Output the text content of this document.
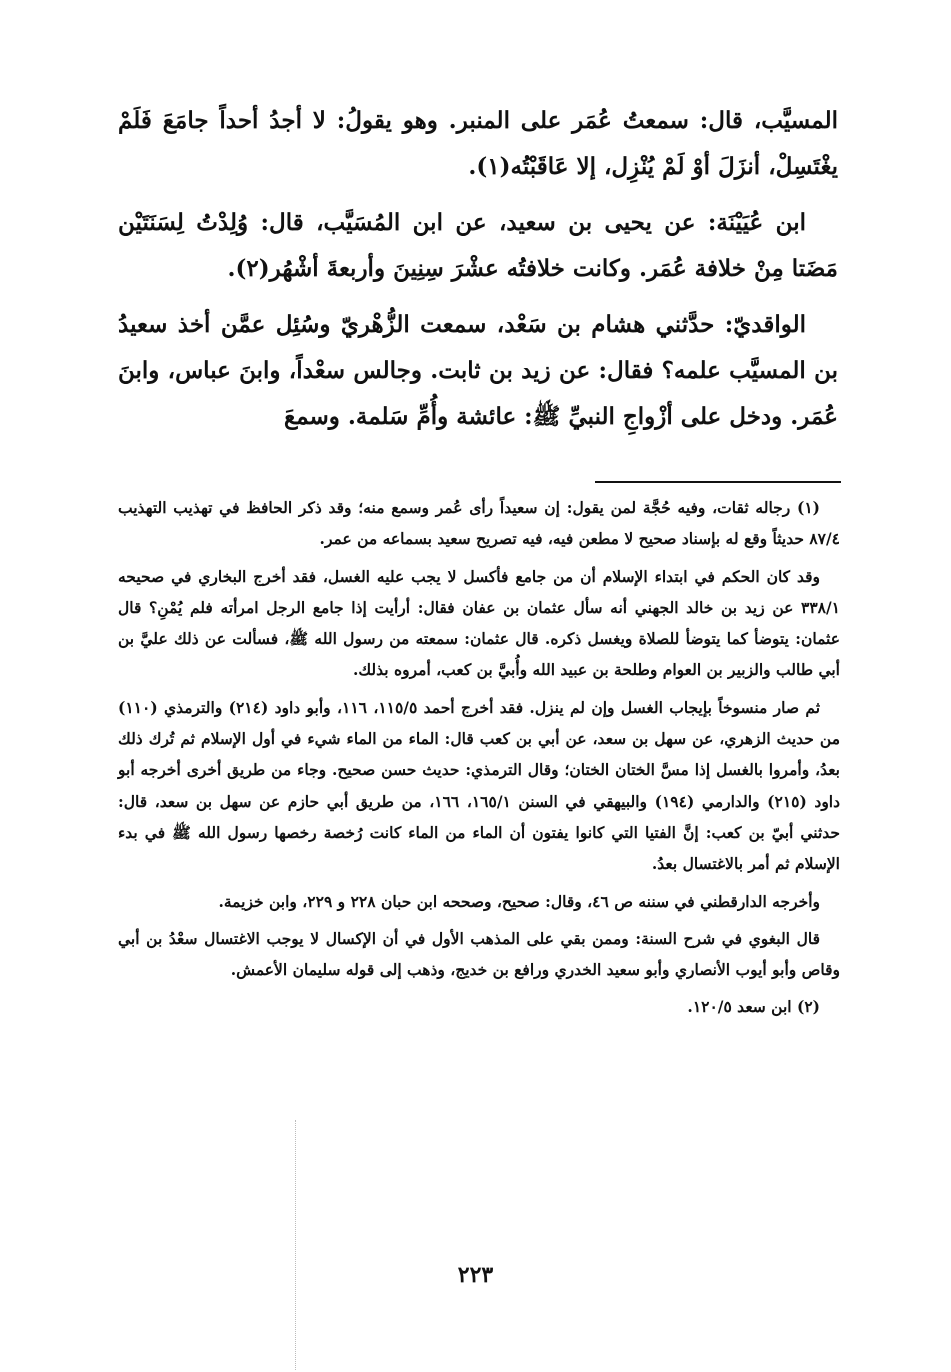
المسيَّب، قال: سمعتُ عُمَر على المنبر. وهو يقولُ: لا أجدُ أحداً جامَعَ فَلَمْ يغْتَسِلْ، أنزَلَ أوْ لَمْ يُنْزِل، إلا عَاقَبْتُه(١).

ابن عُيَيْنَة: عن يحيى بن سعيد، عن ابن المُسَيَّب، قال: وُلِدْتُ لِسَنَتَيْن مَضَتا مِنْ خلافة عُمَر. وكانت خلافتُه عشْرَ سِنِينَ وأربعةَ أشْهُر(٢).

الواقديّ: حدَّثني هشام بن سَعْد، سمعت الزُّهْريّ وسُئِل عمَّن أخذ سعيدُ بن المسيَّب علمه؟ فقال: عن زيد بن ثابت. وجالس سعْداً، وابنَ عباس، وابنَ عُمَر. ودخل على أزْواجِ النبيِّ ﷺ: عائشة وأُمِّ سَلمة. وسمعَ

(١) رجاله ثقات، وفيه حُجَّة لمن يقول: إن سعيداً رأى عُمر وسمع منه؛ وقد ذكر الحافظ في تهذيب التهذيب ٨٧/٤ حديثاً وقع له بإسناد صحيح لا مطعن فيه، فيه تصريح سعيد بسماعه من عمر.

وقد كان الحكم في ابتداء الإسلام أن من جامع فأكسل لا يجب عليه الغسل، فقد أخرج البخاري في صحيحه ٣٣٨/١ عن زيد بن خالد الجهني أنه سأل عثمان بن عفان فقال: أرأيت إذا جامع الرجل امرأته فلم يُمْنِ؟ قال عثمان: يتوضأ كما يتوضأ للصلاة ويغسل ذكره. قال عثمان: سمعته من رسول الله ﷺ، فسألت عن ذلك عليَّ بن أبي طالب والزبير بن العوام وطلحة بن عبيد الله وأُبيَّ بن كعب، أمروه بذلك.

ثم صار منسوخاً بإيجاب الغسل وإن لم ينزل. فقد أخرج أحمد ١١٥/٥، ١١٦، وأبو داود (٢١٤) والترمذي (١١٠) من حديث الزهري، عن سهل بن سعد، عن أبي بن كعب قال: الماء من الماء شيء في أول الإسلام ثم تُرك ذلك بعدُ، وأمروا بالغسل إذا مسَّ الختان الختان؛ وقال الترمذي: حديث حسن صحيح. وجاء من طريق أخرى أخرجه أبو داود (٢١٥) والدارمي (١٩٤) والبيهقي في السنن ١٦٥/١، ١٦٦، من طريق أبي حازم عن سهل بن سعد، قال: حدثني أبيّ بن كعب: إنَّ الفتيا التي كانوا يفتون أن الماء من الماء كانت رُخصة رخصها رسول الله ﷺ في بدء الإسلام ثم أمر بالاغتسال بعدُ.

وأخرجه الدارقطني في سننه ص ٤٦، وقال: صحيح، وصححه ابن حبان ٢٢٨ و ٢٢٩، وابن خزيمة.

قال البغوي في شرح السنة: وممن بقي على المذهب الأول في أن الإكسال لا يوجب الاغتسال سعْدُ بن أبي وقاص وأبو أيوب الأنصاري وأبو سعيد الخدري ورافع بن خديج، وذهب إلى قوله سليمان الأعمش.

(٢) ابن سعد ١٢٠/٥.

٢٢٣
